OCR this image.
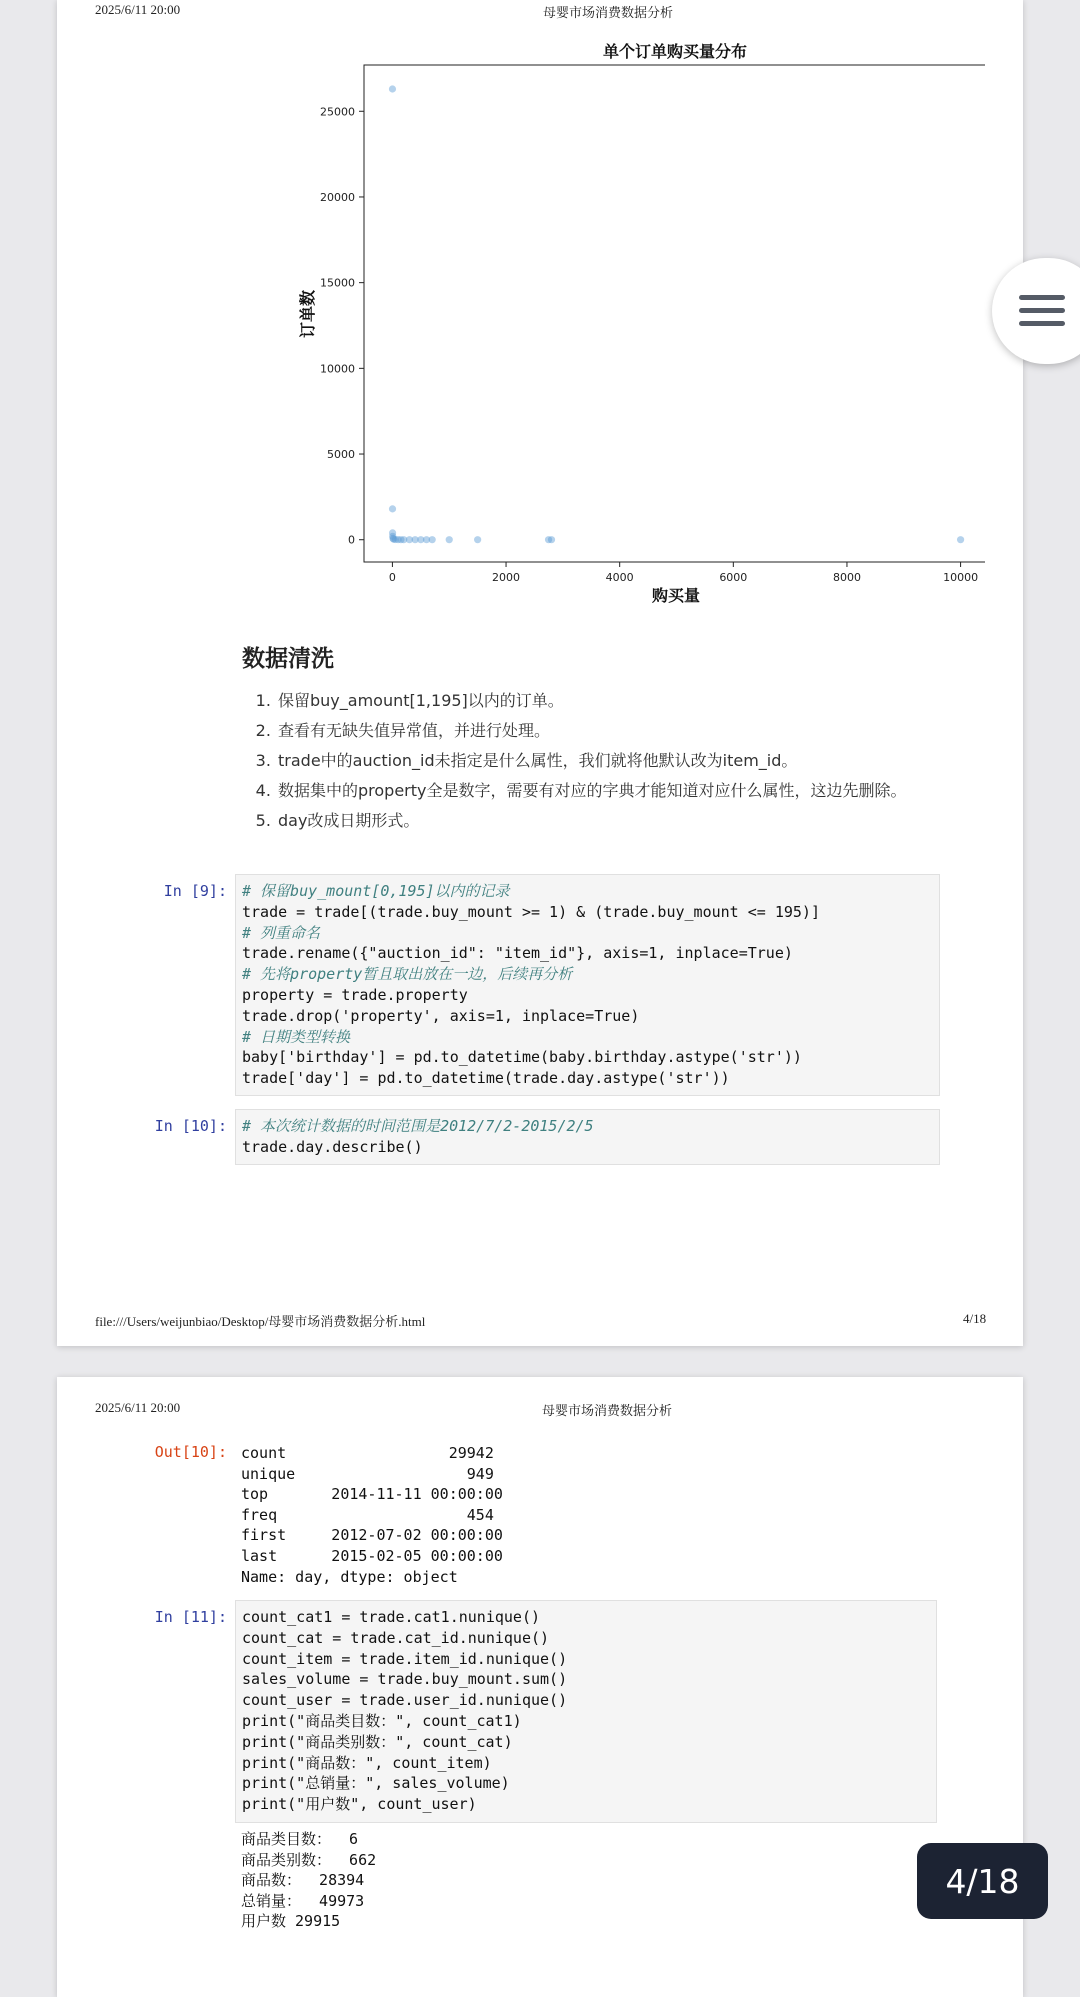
2025/6/11 20:00	母婴市场消费数据分析
单个订单购买量分布
0	2000	4000	6000	8000	10000
0
5000
10000
15000
20000
25000
购买量
订单数
数据清洗
1. 保留buy_amount[1,195]以内的订单。
2. 查看有无缺失值异常值，并进行处理。
3. trade中的auction_id未指定是什么属性，我们就将他默认改为item_id。
4. 数据集中的property全是数字，需要有对应的字典才能知道对应什么属性，这边先删除。
5. day改成日期形式。
In [9]:	# 保留buy_mount[0,195]以内的记录
trade = trade[(trade.buy_mount >= 1) & (trade.buy_mount <= 195)]
# 列重命名
trade.rename({"auction_id": "item_id"}, axis=1, inplace=True)
# 先将property暂且取出放在一边，后续再分析
property = trade.property
trade.drop('property', axis=1, inplace=True)
# 日期类型转换
baby['birthday'] = pd.to_datetime(baby.birthday.astype('str'))
trade['day'] = pd.to_datetime(trade.day.astype('str'))
In [10]:	# 本次统计数据的时间范围是2012/7/2-2015/2/5
trade.day.describe()
file:///Users/weijunbiao/Desktop/母婴市场消费数据分析.html	4/18
2025/6/11 20:00	母婴市场消费数据分析
Out[10]: count                  29942
unique                   949
top       2014-11-11 00:00:00
freq                     454
first     2012-07-02 00:00:00
last      2015-02-05 00:00:00
Name: day, dtype: object
In [11]:	count_cat1 = trade.cat1.nunique()
count_cat = trade.cat_id.nunique()
count_item = trade.item_id.nunique()
sales_volume = trade.buy_mount.sum()
count_user = trade.user_id.nunique()
print("商品类目数：", count_cat1)
print("商品类别数：", count_cat)
print("商品数：", count_item)
print("总销量：", sales_volume)
print("用户数", count_user)
商品类目数：  6
商品类别数：  662
商品数：  28394
总销量：  49973
用户数 29915
4/18
